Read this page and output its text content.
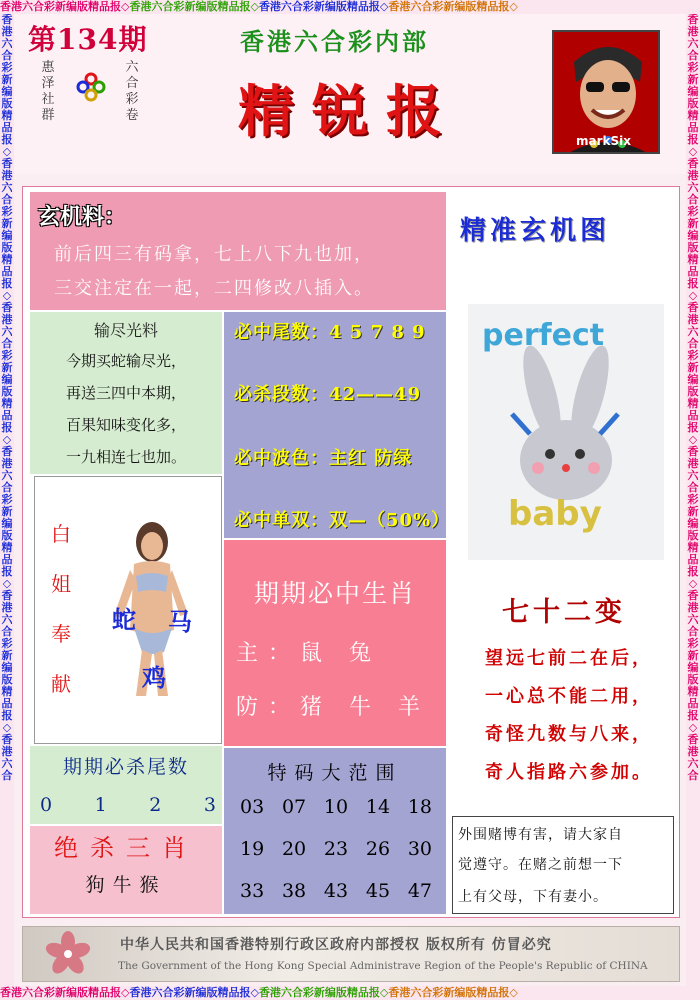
香港六合彩新编版精品报◇香港六合彩新编版精品报◇香港六合彩新编版精品报◇香港六合彩新编版精品报◇
香港六合彩新编版精品报◇香港六合彩新编版精品报◇香港六合彩新编版精品报◇香港六合彩新编版精品报◇香港六合彩新编版精品报◇香港六合
香港六合彩新编版精品报◇香港六合彩新编版精品报◇香港六合彩新编版精品报◇香港六合彩新编版精品报◇香港六合彩新编版精品报◇香港六合
香港六合彩新编版精品报◇香港六合彩新编版精品报◇香港六合彩新编版精品报◇香港六合彩新编版精品报◇
第134期
惠泽社群
六合彩卷
香港六合彩内部
精锐报	markSix
玄机料：
前后四三有码拿，七上八下九也加，
三交注定在一起，二四修改八插入。
输尽光料
今期买蛇输尽光，
再送三四中本期，
百果知味变化多，
一九相连七也加。
必中尾数：4 5 7 8 9
必杀段数：42——49
必中波色：主红 防绿
必中单双：双—（50%）
白
姐
奉
献
蛇 马
鸡
期期必中生肖
主：鼠 兔
防：猪 牛 羊
期期必杀尾数
0 1 2 3
绝杀三肖
狗牛猴
特码大范围
03 07 10 14 18
19 20 23 26 30
33 38 43 45 47
精准玄机图
perfect
baby
七十二变
望远七前二在后，
一心总不能二用，
奇怪九数与八来，
奇人指路六参加。
外围赌博有害，请大家自
觉遵守。在赌之前想一下
上有父母，下有妻小。
中华人民共和国香港特别行政区政府内部授权 版权所有 仿冒必究
The Government of the Hong Kong Special Administrave Region of the People's Republic of CHINA
